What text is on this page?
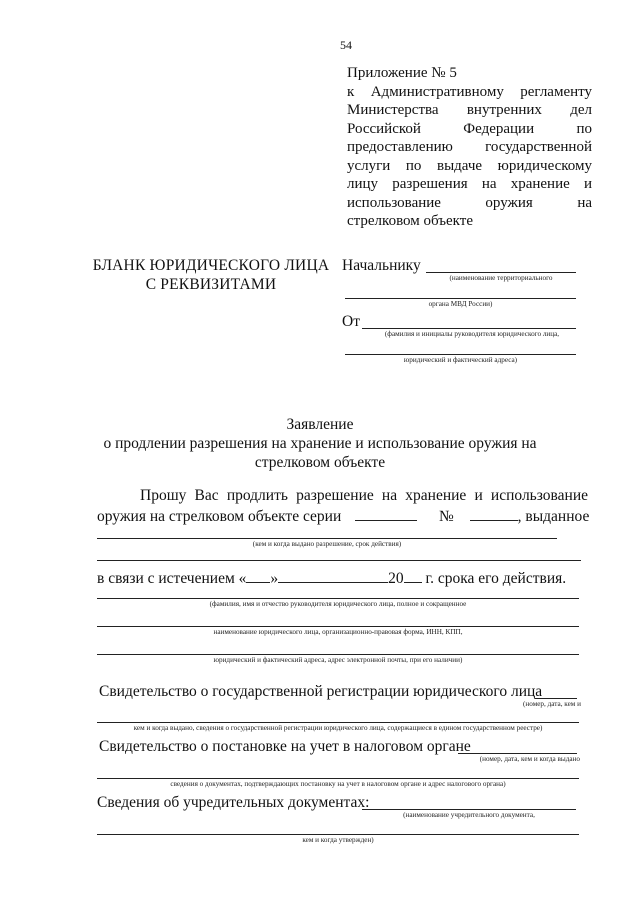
54
Приложение № 5
к Административному регламенту
Министерства внутренних дел
Российской Федерации по
предоставлению государственной
услуги по выдаче юридическому
лицу разрешения на хранение и
использование оружия на
стрелковом объекте
БЛАНК ЮРИДИЧЕСКОГО ЛИЦА
С РЕКВИЗИТАМИ
Начальнику
(наименование территориального
органа МВД России)
От
(фамилия и инициалы руководителя юридического лица,
юридический и фактический адреса)
Заявление
о продлении разрешения на хранение и использование оружия на
стрелковом объекте
Прошу Вас продлить разрешение на хранение и использование
оружия на стрелковом объекте серии	№	, выданное
(кем и когда выдано разрешение, срок действия)
в связи с истечением « »	20 г. срока его действия.
(фамилия, имя и отчество руководителя юридического лица, полное и сокращенное
наименование юридического лица, организационно-правовая форма, ИНН, КПП,
юридический и фактический адреса, адрес электронной почты, при его наличии)
Свидетельство о государственной регистрации юридического лица
(номер, дата, кем и
кем и когда выдано, сведения о государственной регистрации юридического лица, содержащиеся в едином государственном реестре)
Свидетельство о постановке на учет в налоговом органе
(номер, дата, кем и когда выдано
сведения о документах, подтверждающих постановку на учет в налоговом органе и адрес налогового органа)
Сведения об учредительных документах:
(наименование учредительного документа,
кем и когда утвержден)
